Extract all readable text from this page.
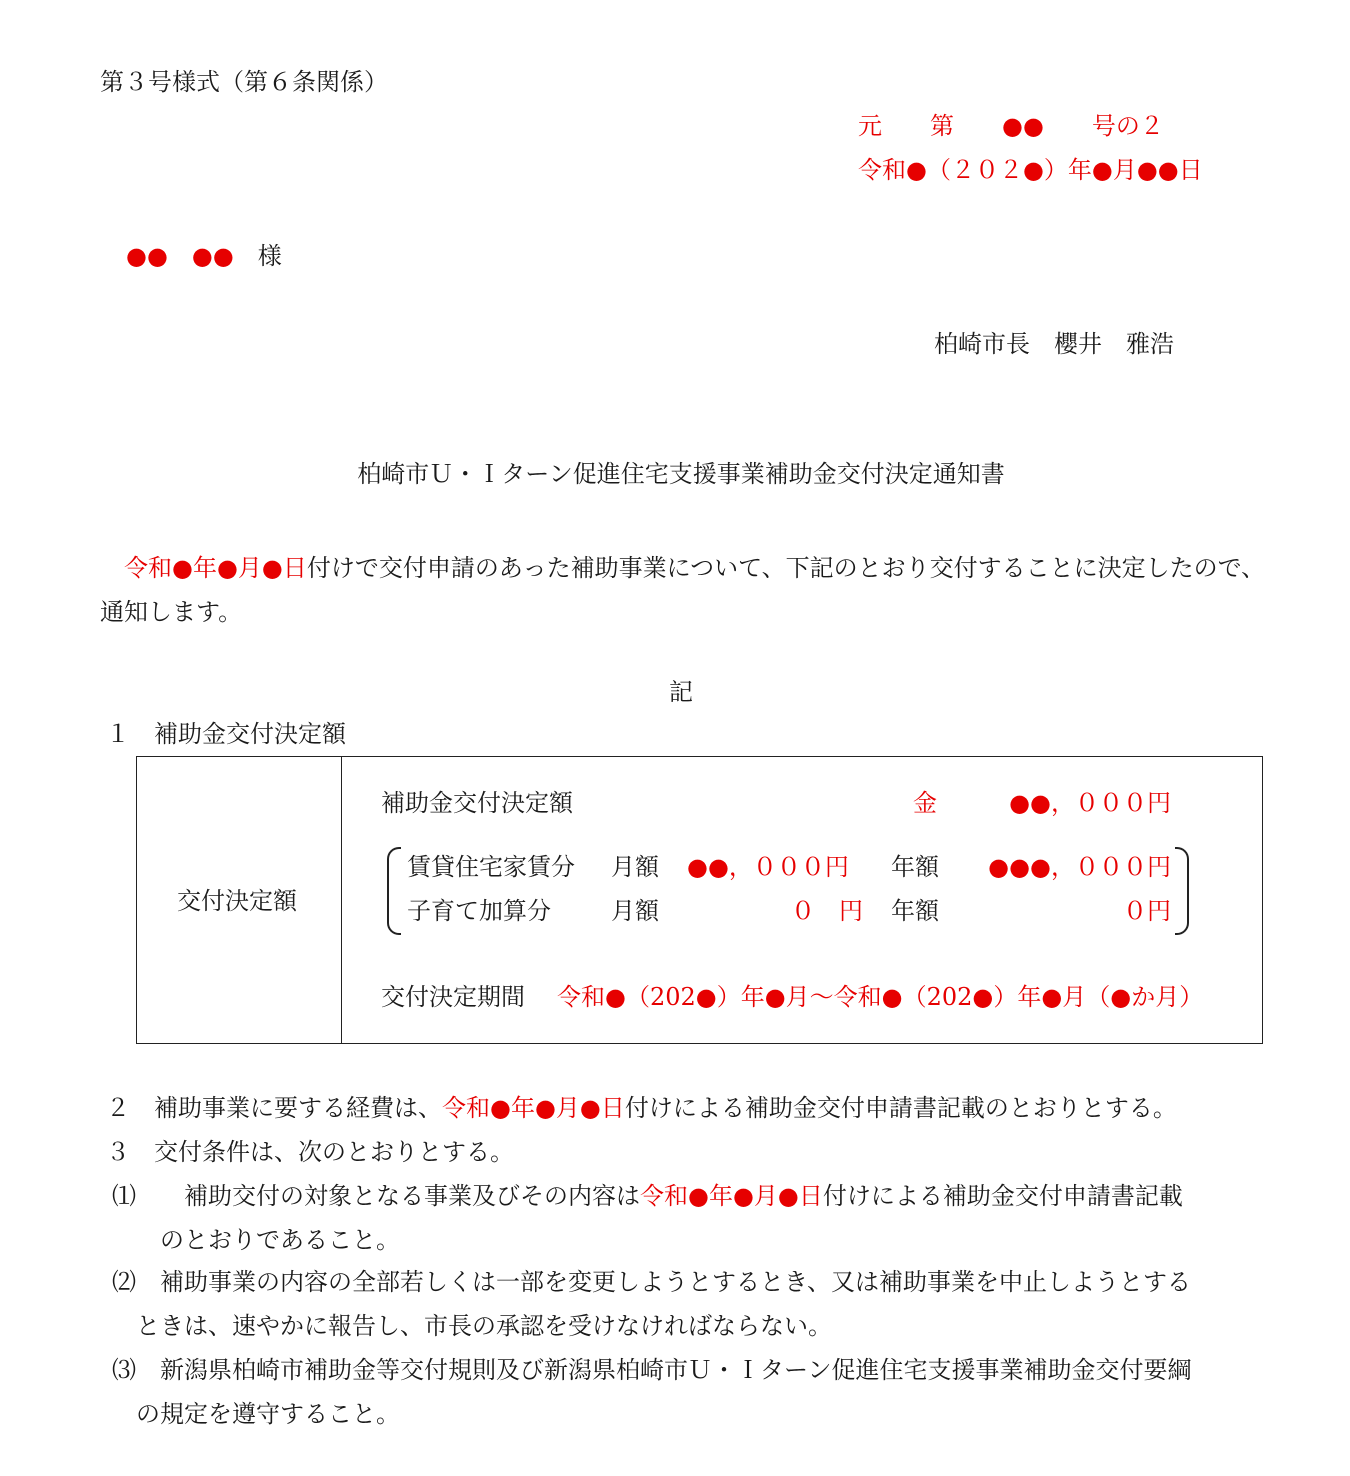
第３号様式（第６条関係）
元　　第　　●●　　号の２
令和●（２０２●）年●月●●日
●●　●●　 様
柏崎市長　櫻井　雅浩
柏崎市Ｕ・Ｉターン促進住宅支援事業補助金交付決定通知書
令和●年●月●日付けで交付申請のあった補助事業について、下記のとおり交付することに決定したので、通知します。
記
１　補助金交付決定額
交付決定額
補助金交付決定額	金	●●，０００円
賃貸住宅家賃分 月額 ●●，０００円 年額 ●●●，０００円
子育て加算分	月額	０　円 年額	０円
交付決定期間 令和●（202●）年●月～令和●（202●）年●月（●か月）
２　補助事業に要する経費は、令和●年●月●日付けによる補助金交付申請書記載のとおりとする。
３　交付条件は、次のとおりとする。
⑴　　補助交付の対象となる事業及びその内容は令和●年●月●日付けによる補助金交付申請書記載
のとおりであること。
⑵　補助事業の内容の全部若しくは一部を変更しようとするとき、又は補助事業を中止しようとする
ときは、速やかに報告し、市長の承認を受けなければならない。
⑶　新潟県柏崎市補助金等交付規則及び新潟県柏崎市Ｕ・Ｉターン促進住宅支援事業補助金交付要綱
の規定を遵守すること。
